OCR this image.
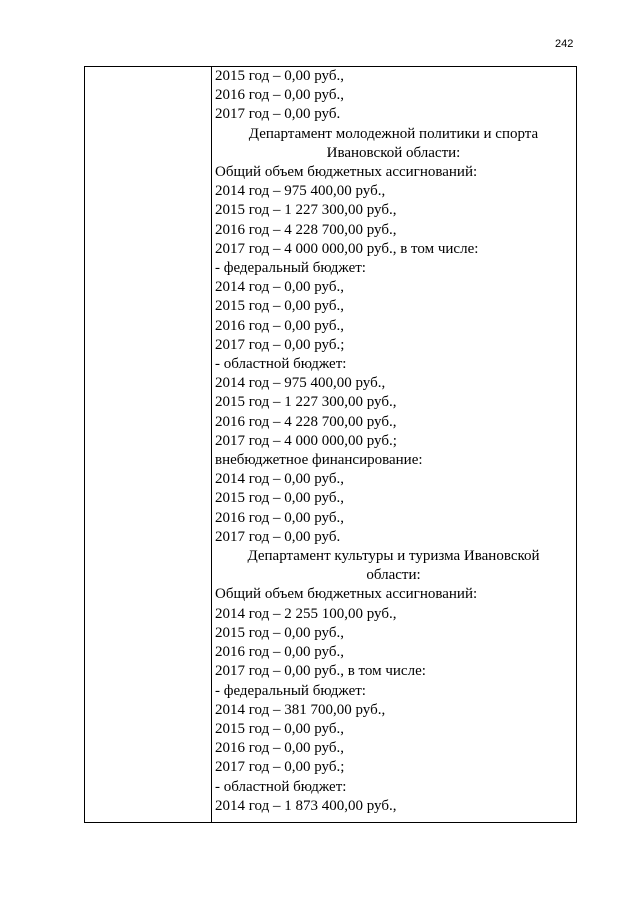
242
2015 год – 0,00 руб.,
2016 год – 0,00 руб.,
2017 год – 0,00 руб.
Департамент молодежной политики и спорта
Ивановской области:
Общий объем бюджетных ассигнований:
2014 год – 975 400,00 руб.,
2015 год – 1 227 300,00 руб.,
2016 год – 4 228 700,00 руб.,
2017 год – 4 000 000,00 руб., в том числе:
- федеральный бюджет:
2014 год – 0,00 руб.,
2015 год – 0,00 руб.,
2016 год – 0,00 руб.,
2017 год – 0,00 руб.;
- областной бюджет:
2014 год – 975 400,00 руб.,
2015 год – 1 227 300,00 руб.,
2016 год – 4 228 700,00 руб.,
2017 год – 4 000 000,00 руб.;
внебюджетное финансирование:
2014 год – 0,00 руб.,
2015 год – 0,00 руб.,
2016 год – 0,00 руб.,
2017 год – 0,00 руб.
Департамент культуры и туризма Ивановской
области:
Общий объем бюджетных ассигнований:
2014 год – 2 255 100,00 руб.,
2015 год – 0,00 руб.,
2016 год – 0,00 руб.,
2017 год – 0,00 руб., в том числе:
- федеральный бюджет:
2014 год – 381 700,00 руб.,
2015 год – 0,00 руб.,
2016 год – 0,00 руб.,
2017 год – 0,00 руб.;
- областной бюджет:
2014 год – 1 873 400,00 руб.,
